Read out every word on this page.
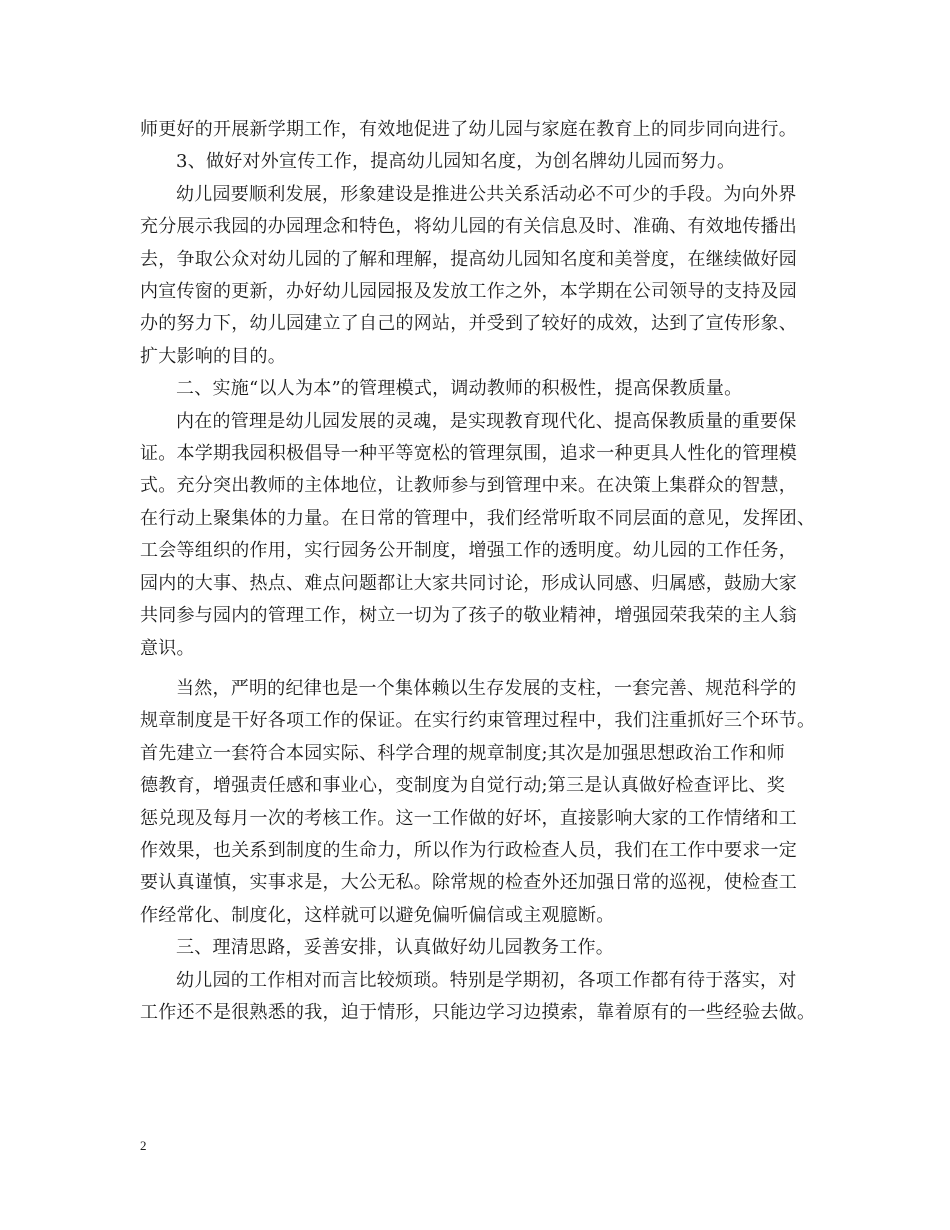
师更好的开展新学期工作，有效地促进了幼儿园与家庭在教育上的同步同向进行。
3、做好对外宣传工作，提高幼儿园知名度，为创名牌幼儿园而努力。
幼儿园要顺利发展，形象建设是推进公共关系活动必不可少的手段。为向外界
充分展示我园的办园理念和特色，将幼儿园的有关信息及时、准确、有效地传播出
去，争取公众对幼儿园的了解和理解，提高幼儿园知名度和美誉度，在继续做好园
内宣传窗的更新，办好幼儿园园报及发放工作之外，本学期在公司领导的支持及园
办的努力下，幼儿园建立了自己的网站，并受到了较好的成效，达到了宣传形象、
扩大影响的目的。
二、实施“以人为本”的管理模式，调动教师的积极性，提高保教质量。
内在的管理是幼儿园发展的灵魂，是实现教育现代化、提高保教质量的重要保
证。本学期我园积极倡导一种平等宽松的管理氛围，追求一种更具人性化的管理模
式。充分突出教师的主体地位，让教师参与到管理中来。在决策上集群众的智慧，
在行动上聚集体的力量。在日常的管理中，我们经常听取不同层面的意见，发挥团、
工会等组织的作用，实行园务公开制度，增强工作的透明度。幼儿园的工作任务，
园内的大事、热点、难点问题都让大家共同讨论，形成认同感、归属感，鼓励大家
共同参与园内的管理工作，树立一切为了孩子的敬业精神，增强园荣我荣的主人翁
意识。
当然，严明的纪律也是一个集体赖以生存发展的支柱，一套完善、规范科学的
规章制度是干好各项工作的保证。在实行约束管理过程中，我们注重抓好三个环节。
首先建立一套符合本园实际、科学合理的规章制度;其次是加强思想政治工作和师
德教育，增强责任感和事业心，变制度为自觉行动;第三是认真做好检查评比、奖
惩兑现及每月一次的考核工作。这一工作做的好坏，直接影响大家的工作情绪和工
作效果，也关系到制度的生命力，所以作为行政检查人员，我们在工作中要求一定
要认真谨慎，实事求是，大公无私。除常规的检查外还加强日常的巡视，使检查工
作经常化、制度化，这样就可以避免偏听偏信或主观臆断。
三、理清思路，妥善安排，认真做好幼儿园教务工作。
幼儿园的工作相对而言比较烦琐。特别是学期初，各项工作都有待于落实，对
工作还不是很熟悉的我，迫于情形，只能边学习边摸索，靠着原有的一些经验去做。
2
